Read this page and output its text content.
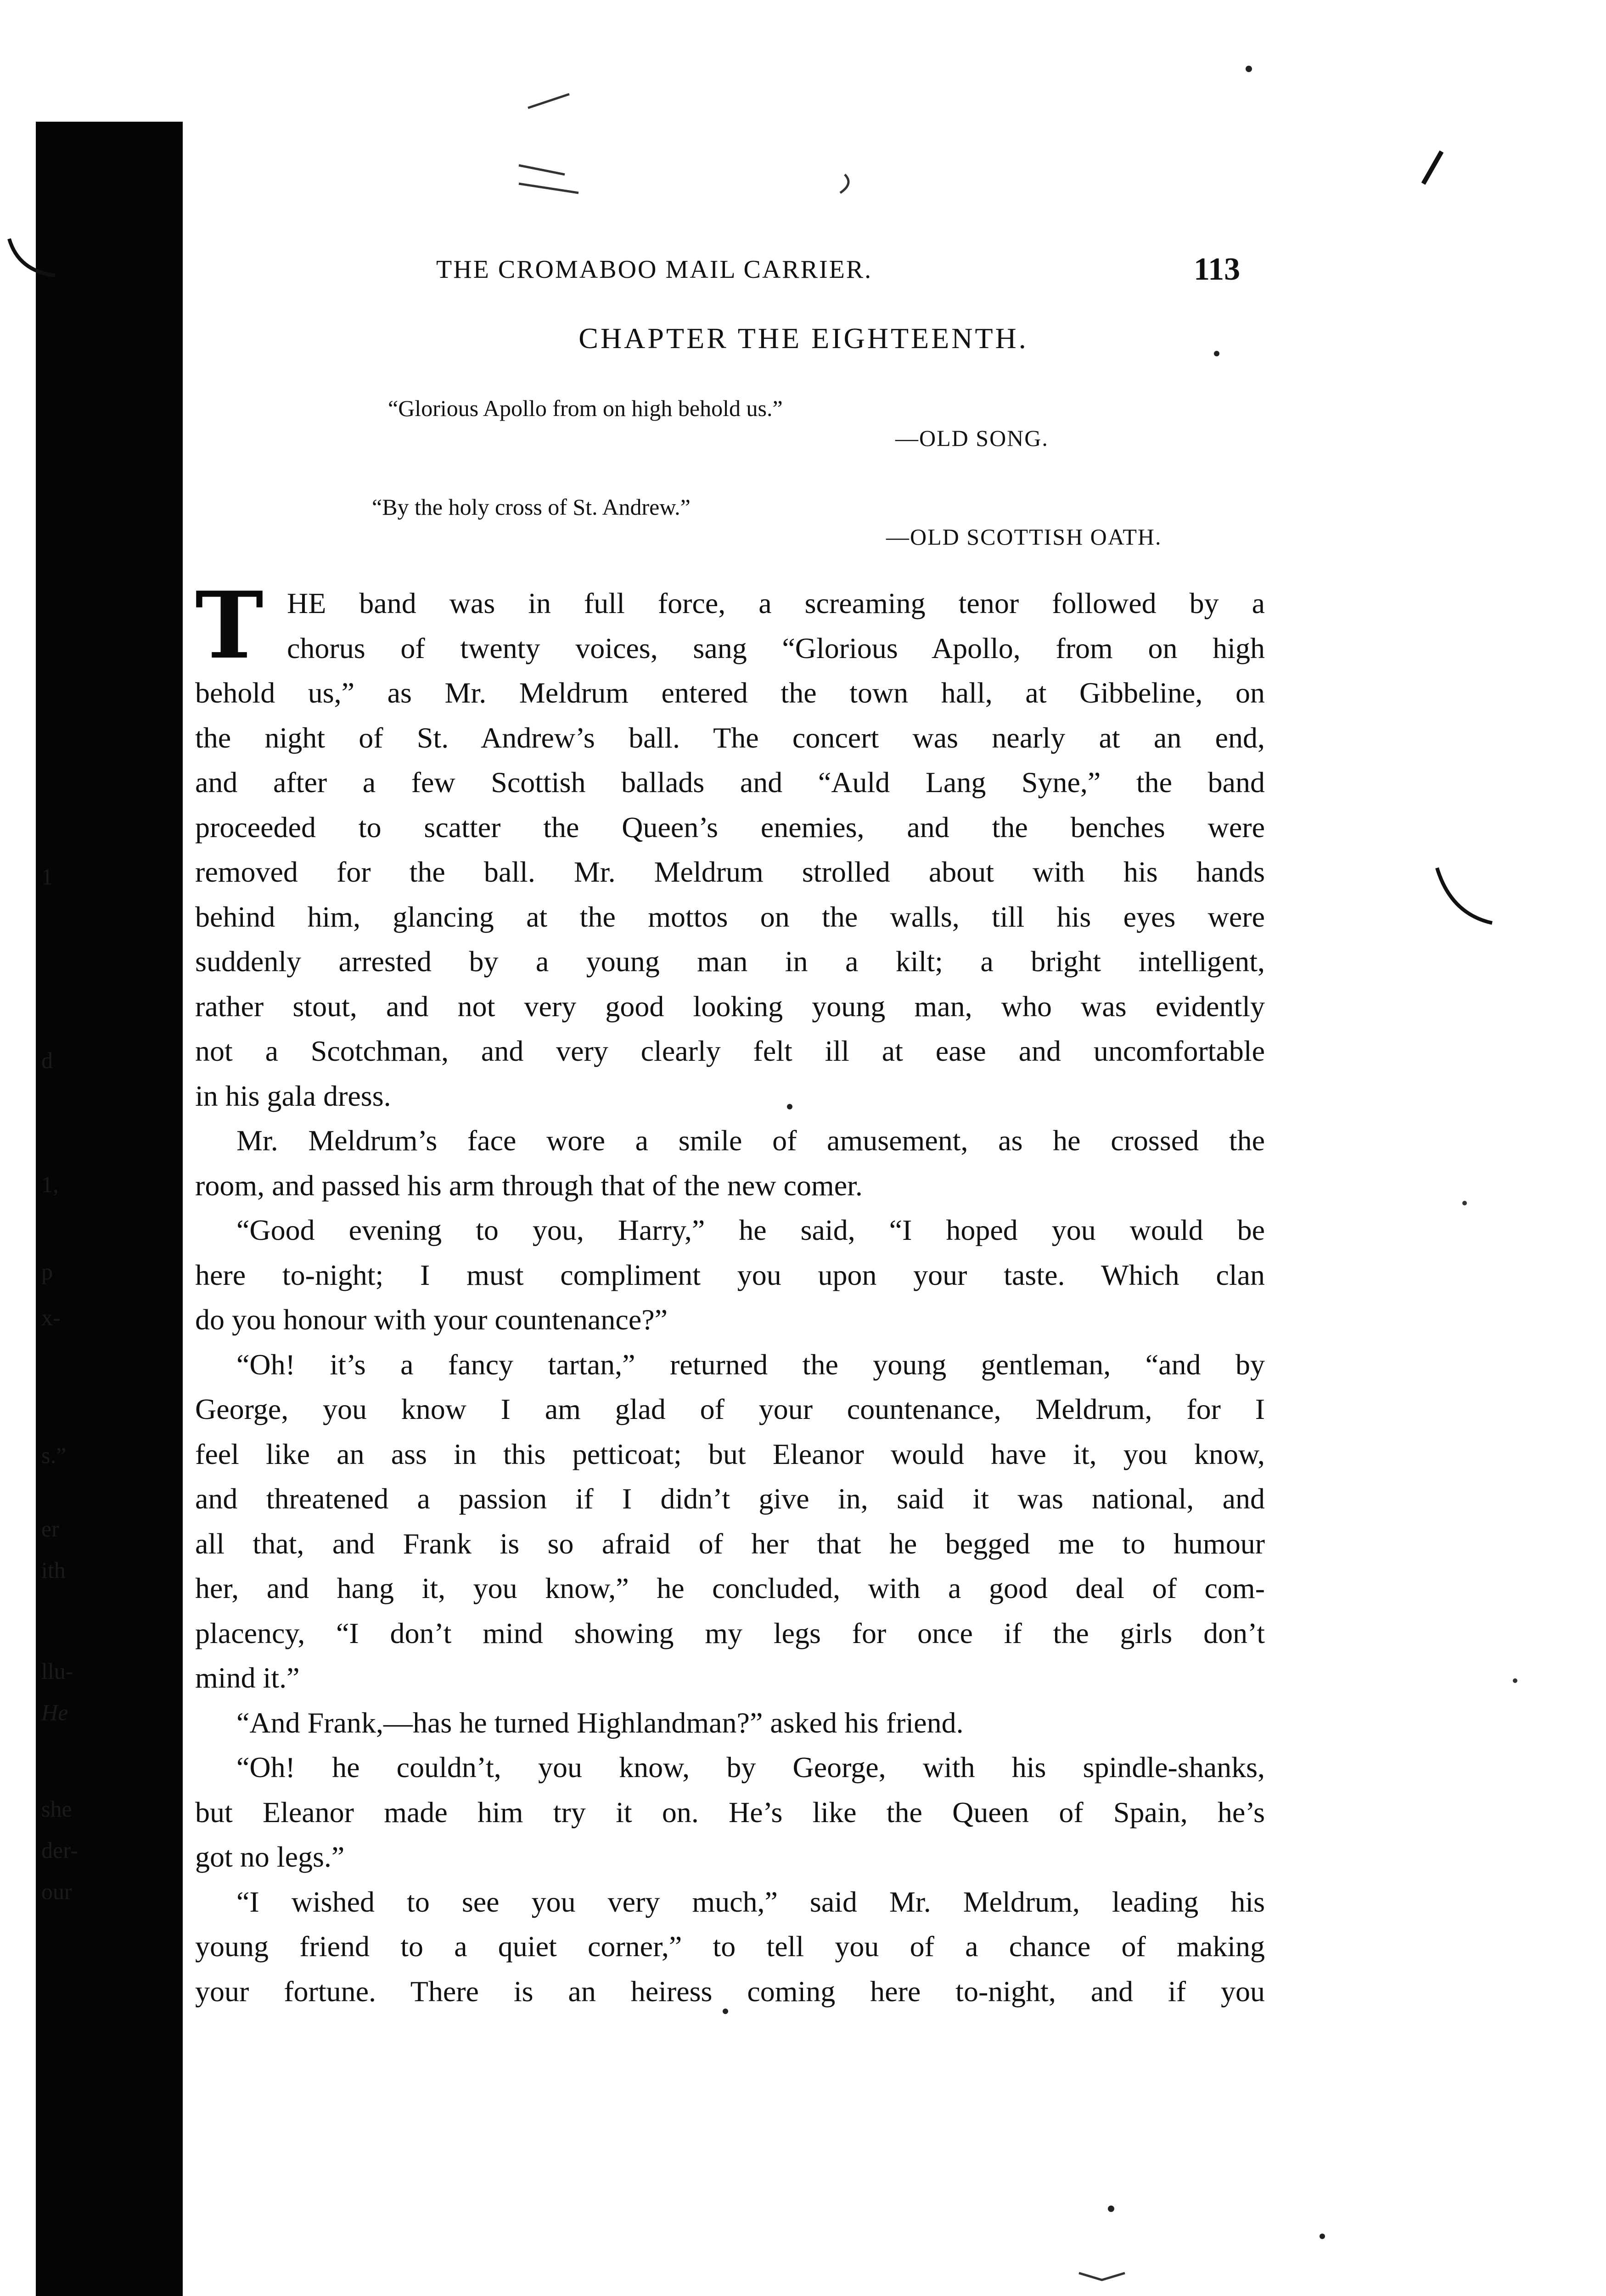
1
d
1,
p
x-
s.”
er
ith
llu-
He
she
der-
our
THE CROMABOO MAIL CARRIER.	113
CHAPTER THE EIGHTEENTH.
“Glorious Apollo from on high behold us.”
—OLD SONG.
“By the holy cross of St. Andrew.”
—OLD SCOTTISH OATH.
T HE band was in full force, a screaming tenor followed by a
chorus of twenty voices, sang “Glorious Apollo, from on high
behold us,” as Mr. Meldrum entered the town hall, at Gibbeline, on
the night of St. Andrew’s ball. The concert was nearly at an end,
and after a few Scottish ballads and “Auld Lang Syne,” the band
proceeded to scatter the Queen’s enemies, and the benches were
removed for the ball. Mr. Meldrum strolled about with his hands
behind him, glancing at the mottos on the walls, till his eyes were
suddenly arrested by a young man in a kilt; a bright intelligent,
rather stout, and not very good looking young man, who was evidently
not a Scotchman, and very clearly felt ill at ease and uncomfortable
in his gala dress.
Mr. Meldrum’s face wore a smile of amusement, as he crossed the
room, and passed his arm through that of the new comer.
“Good evening to you, Harry,” he said, “I hoped you would be
here to-night; I must compliment you upon your taste. Which clan
do you honour with your countenance?”
“Oh! it’s a fancy tartan,” returned the young gentleman, “and by
George, you know I am glad of your countenance, Meldrum, for I
feel like an ass in this petticoat; but Eleanor would have it, you know,
and threatened a passion if I didn’t give in, said it was national, and
all that, and Frank is so afraid of her that he begged me to humour
her, and hang it, you know,” he concluded, with a good deal of com-
placency, “I don’t mind showing my legs for once if the girls don’t
mind it.”
“And Frank,—has he turned Highlandman?” asked his friend.
“Oh! he couldn’t, you know, by George, with his spindle-shanks,
but Eleanor made him try it on. He’s like the Queen of Spain, he’s
got no legs.”
“I wished to see you very much,” said Mr. Meldrum, leading his
young friend to a quiet corner,” to tell you of a chance of making
your fortune. There is an heiress coming here to-night, and if you
